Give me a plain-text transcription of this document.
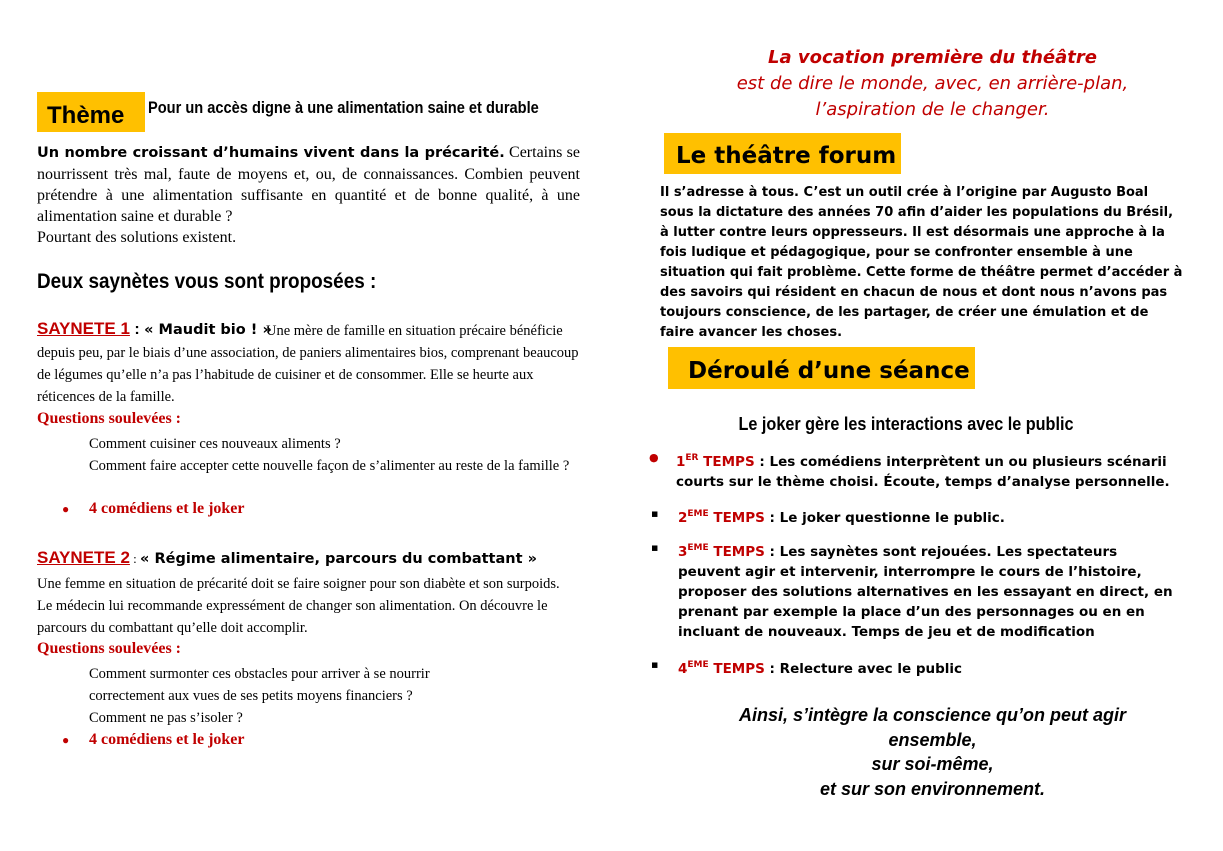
Thème	Pour un accès digne à une alimentation saine et durable
Un nombre croissant d’humains vivent dans la précarité. Certains se nourrissent très mal, faute de moyens et, ou, de connaissances. Combien peuvent prétendre à une alimentation suffisante en quantité et de bonne qualité, à une alimentation saine et durable ?
Pourtant des solutions existent.
Deux saynètes vous sont proposées :
SAYNETE 1 : « Maudit bio ! »
Une mère de famille en situation précaire bénéficie depuis peu, par le biais d’une association, de paniers alimentaires bios, comprenant beaucoup de légumes qu’elle n’a pas l’habitude de cuisiner et de consommer. Elle se heurte aux réticences de la famille.
Questions soulevées :
Comment cuisiner ces nouveaux aliments ?
Comment faire accepter cette nouvelle façon de s’alimenter au reste de la famille ?
● 4 comédiens et le joker
SAYNETE 2 : « Régime alimentaire, parcours du combattant »
Une femme en situation de précarité doit se faire soigner pour son diabète et son surpoids. Le médecin lui recommande expressément de changer son alimentation. On découvre le parcours du combattant qu’elle doit accomplir.
Questions soulevées :
Comment surmonter ces obstacles pour arriver à se nourrir
correctement aux vues de ses petits moyens financiers ?
Comment ne pas s’isoler ?
● 4 comédiens et le joker
La vocation première du théâtre
est de dire le monde, avec, en arrière-plan,
l’aspiration de le changer.
Le théâtre forum
Il s’adresse à tous. C’est un outil crée à l’origine par Augusto Boal sous la dictature des années 70 afin d’aider les populations du Brésil, à lutter contre leurs oppresseurs. Il est désormais une approche à la fois ludique et pédagogique, pour se confronter ensemble à une situation qui fait problème. Cette forme de théâtre permet d’accéder à des savoirs qui résident en chacun de nous et dont nous n’avons pas toujours conscience, de les partager, de créer une émulation et de faire avancer les choses.
Déroulé d’une séance
Le joker gère les interactions avec le public
● 1ER TEMPS : Les comédiens interprètent un ou plusieurs scénarii courts sur le thème choisi. Écoute, temps d’analyse personnelle.
▪ 2EME TEMPS : Le joker questionne le public.
▪ 3EME TEMPS : Les saynètes sont rejouées. Les spectateurs peuvent agir et intervenir, interrompre le cours de l’histoire, proposer des solutions alternatives en les essayant en direct, en prenant par exemple la place d’un des personnages ou en en incluant de nouveaux. Temps de jeu et de modification
▪ 4EME TEMPS : Relecture avec le public
Ainsi, s’intègre la conscience qu’on peut agir
ensemble,
sur soi-même,
et sur son environnement.
